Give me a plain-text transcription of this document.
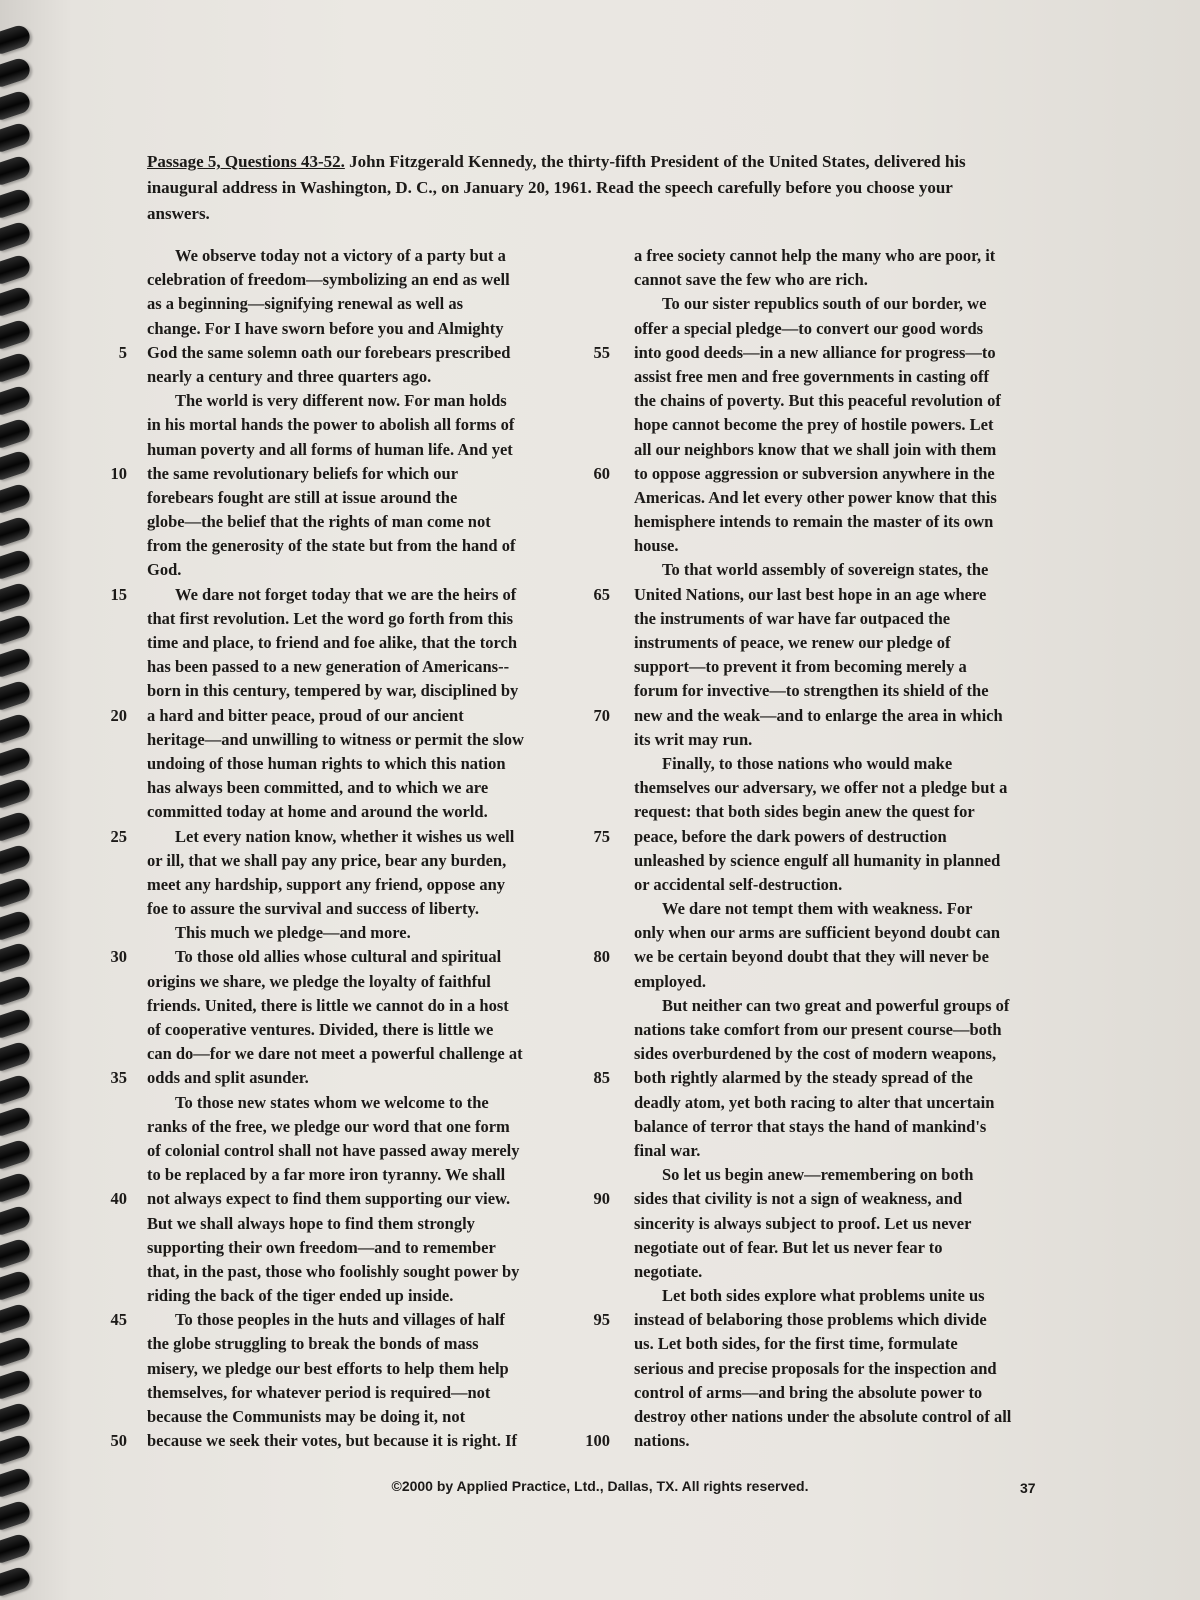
Passage 5, Questions 43-52. John Fitzgerald Kennedy, the thirty-fifth President of the United States, delivered his
inaugural address in Washington, D. C., on January 20, 1961. Read the speech carefully before you choose your
answers.
We observe today not a victory of a party but a
celebration of freedom—symbolizing an end as well
as a beginning—signifying renewal as well as
change. For I have sworn before you and Almighty
5 God the same solemn oath our forebears prescribed
nearly a century and three quarters ago.
The world is very different now. For man holds
in his mortal hands the power to abolish all forms of
human poverty and all forms of human life. And yet
10 the same revolutionary beliefs for which our
forebears fought are still at issue around the
globe—the belief that the rights of man come not
from the generosity of the state but from the hand of
God.
15	We dare not forget today that we are the heirs of
that first revolution. Let the word go forth from this
time and place, to friend and foe alike, that the torch
has been passed to a new generation of Americans--
born in this century, tempered by war, disciplined by
20 a hard and bitter peace, proud of our ancient
heritage—and unwilling to witness or permit the slow
undoing of those human rights to which this nation
has always been committed, and to which we are
committed today at home and around the world.
25	Let every nation know, whether it wishes us well
or ill, that we shall pay any price, bear any burden,
meet any hardship, support any friend, oppose any
foe to assure the survival and success of liberty.
This much we pledge—and more.
30	To those old allies whose cultural and spiritual
origins we share, we pledge the loyalty of faithful
friends. United, there is little we cannot do in a host
of cooperative ventures. Divided, there is little we
can do—for we dare not meet a powerful challenge at
35 odds and split asunder.
To those new states whom we welcome to the
ranks of the free, we pledge our word that one form
of colonial control shall not have passed away merely
to be replaced by a far more iron tyranny. We shall
40 not always expect to find them supporting our view.
But we shall always hope to find them strongly
supporting their own freedom—and to remember
that, in the past, those who foolishly sought power by
riding the back of the tiger ended up inside.
45	To those peoples in the huts and villages of half
the globe struggling to break the bonds of mass
misery, we pledge our best efforts to help them help
themselves, for whatever period is required—not
because the Communists may be doing it, not
50 because we seek their votes, but because it is right. If
a free society cannot help the many who are poor, it
cannot save the few who are rich.
To our sister republics south of our border, we
offer a special pledge—to convert our good words
55 into good deeds—in a new alliance for progress—to
assist free men and free governments in casting off
the chains of poverty. But this peaceful revolution of
hope cannot become the prey of hostile powers. Let
all our neighbors know that we shall join with them
60 to oppose aggression or subversion anywhere in the
Americas. And let every other power know that this
hemisphere intends to remain the master of its own
house.
To that world assembly of sovereign states, the
65 United Nations, our last best hope in an age where
the instruments of war have far outpaced the
instruments of peace, we renew our pledge of
support—to prevent it from becoming merely a
forum for invective—to strengthen its shield of the
70 new and the weak—and to enlarge the area in which
its writ may run.
Finally, to those nations who would make
themselves our adversary, we offer not a pledge but a
request: that both sides begin anew the quest for
75 peace, before the dark powers of destruction
unleashed by science engulf all humanity in planned
or accidental self-destruction.
We dare not tempt them with weakness. For
only when our arms are sufficient beyond doubt can
80 we be certain beyond doubt that they will never be
employed.
But neither can two great and powerful groups of
nations take comfort from our present course—both
sides overburdened by the cost of modern weapons,
85 both rightly alarmed by the steady spread of the
deadly atom, yet both racing to alter that uncertain
balance of terror that stays the hand of mankind's
final war.
So let us begin anew—remembering on both
90 sides that civility is not a sign of weakness, and
sincerity is always subject to proof. Let us never
negotiate out of fear. But let us never fear to
negotiate.
Let both sides explore what problems unite us
95 instead of belaboring those problems which divide
us. Let both sides, for the first time, formulate
serious and precise proposals for the inspection and
control of arms—and bring the absolute power to
destroy other nations under the absolute control of all
100 nations.
©2000 by Applied Practice, Ltd., Dallas, TX. All rights reserved.	37
